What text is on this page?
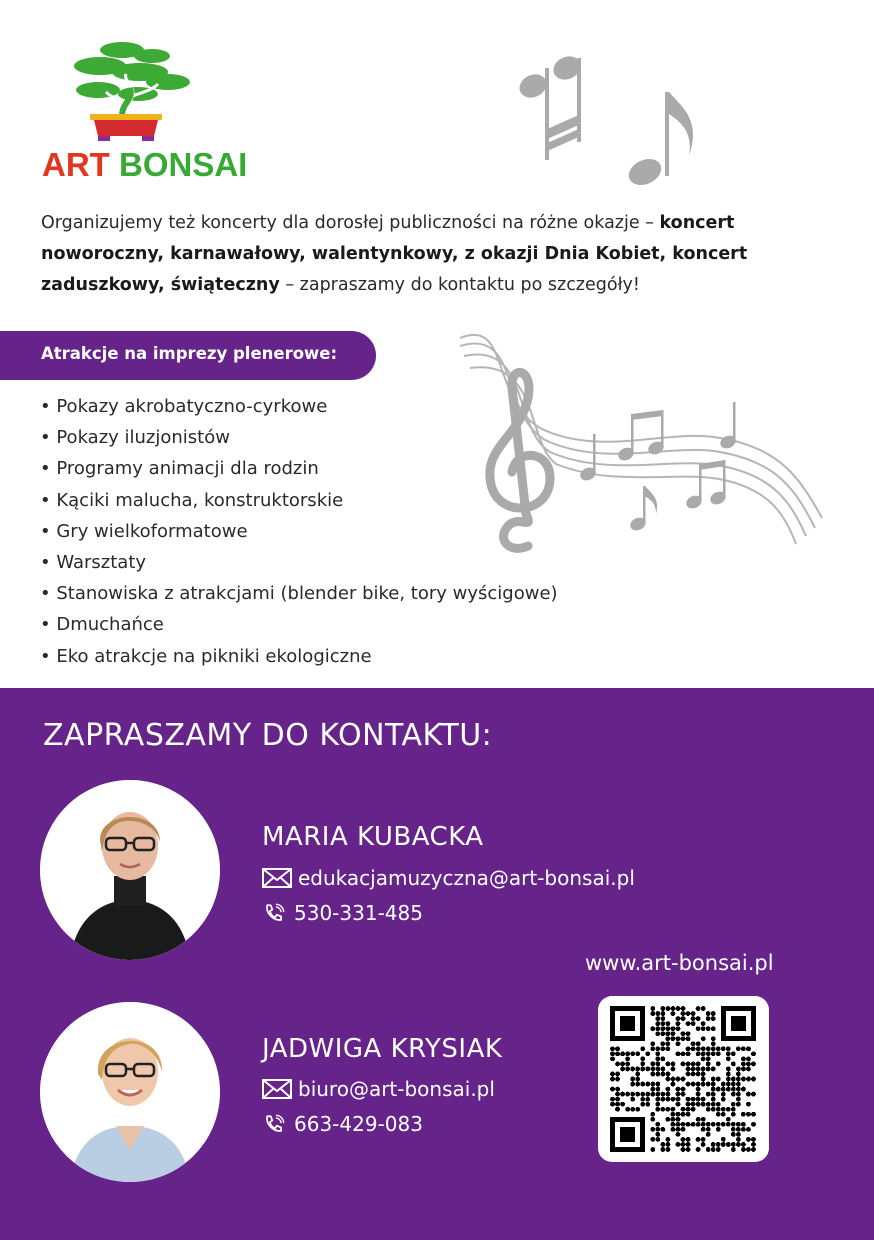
ART BONSAI
Organizujemy też koncerty dla dorosłej publiczności na różne okazje – koncert noworoczny, karnawałowy, walentynkowy, z okazji Dnia Kobiet, koncert zaduszkowy, świąteczny – zapraszamy do kontaktu po szczegóły!
Atrakcje na imprezy plenerowe:
• Pokazy akrobatyczno-cyrkowe
• Pokazy iluzjonistów
• Programy animacji dla rodzin
• Kąciki malucha, konstruktorskie
• Gry wielkoformatowe
• Warsztaty
• Stanowiska z atrakcjami (blender bike, tory wyścigowe)
• Dmuchańce
• Eko atrakcje na pikniki ekologiczne
ZAPRASZAMY DO KONTAKTU:
MARIA KUBACKA
edukacjamuzyczna@art-bonsai.pl
530-331-485
www.art-bonsai.pl
JADWIGA KRYSIAK
biuro@art-bonsai.pl
663-429-083
